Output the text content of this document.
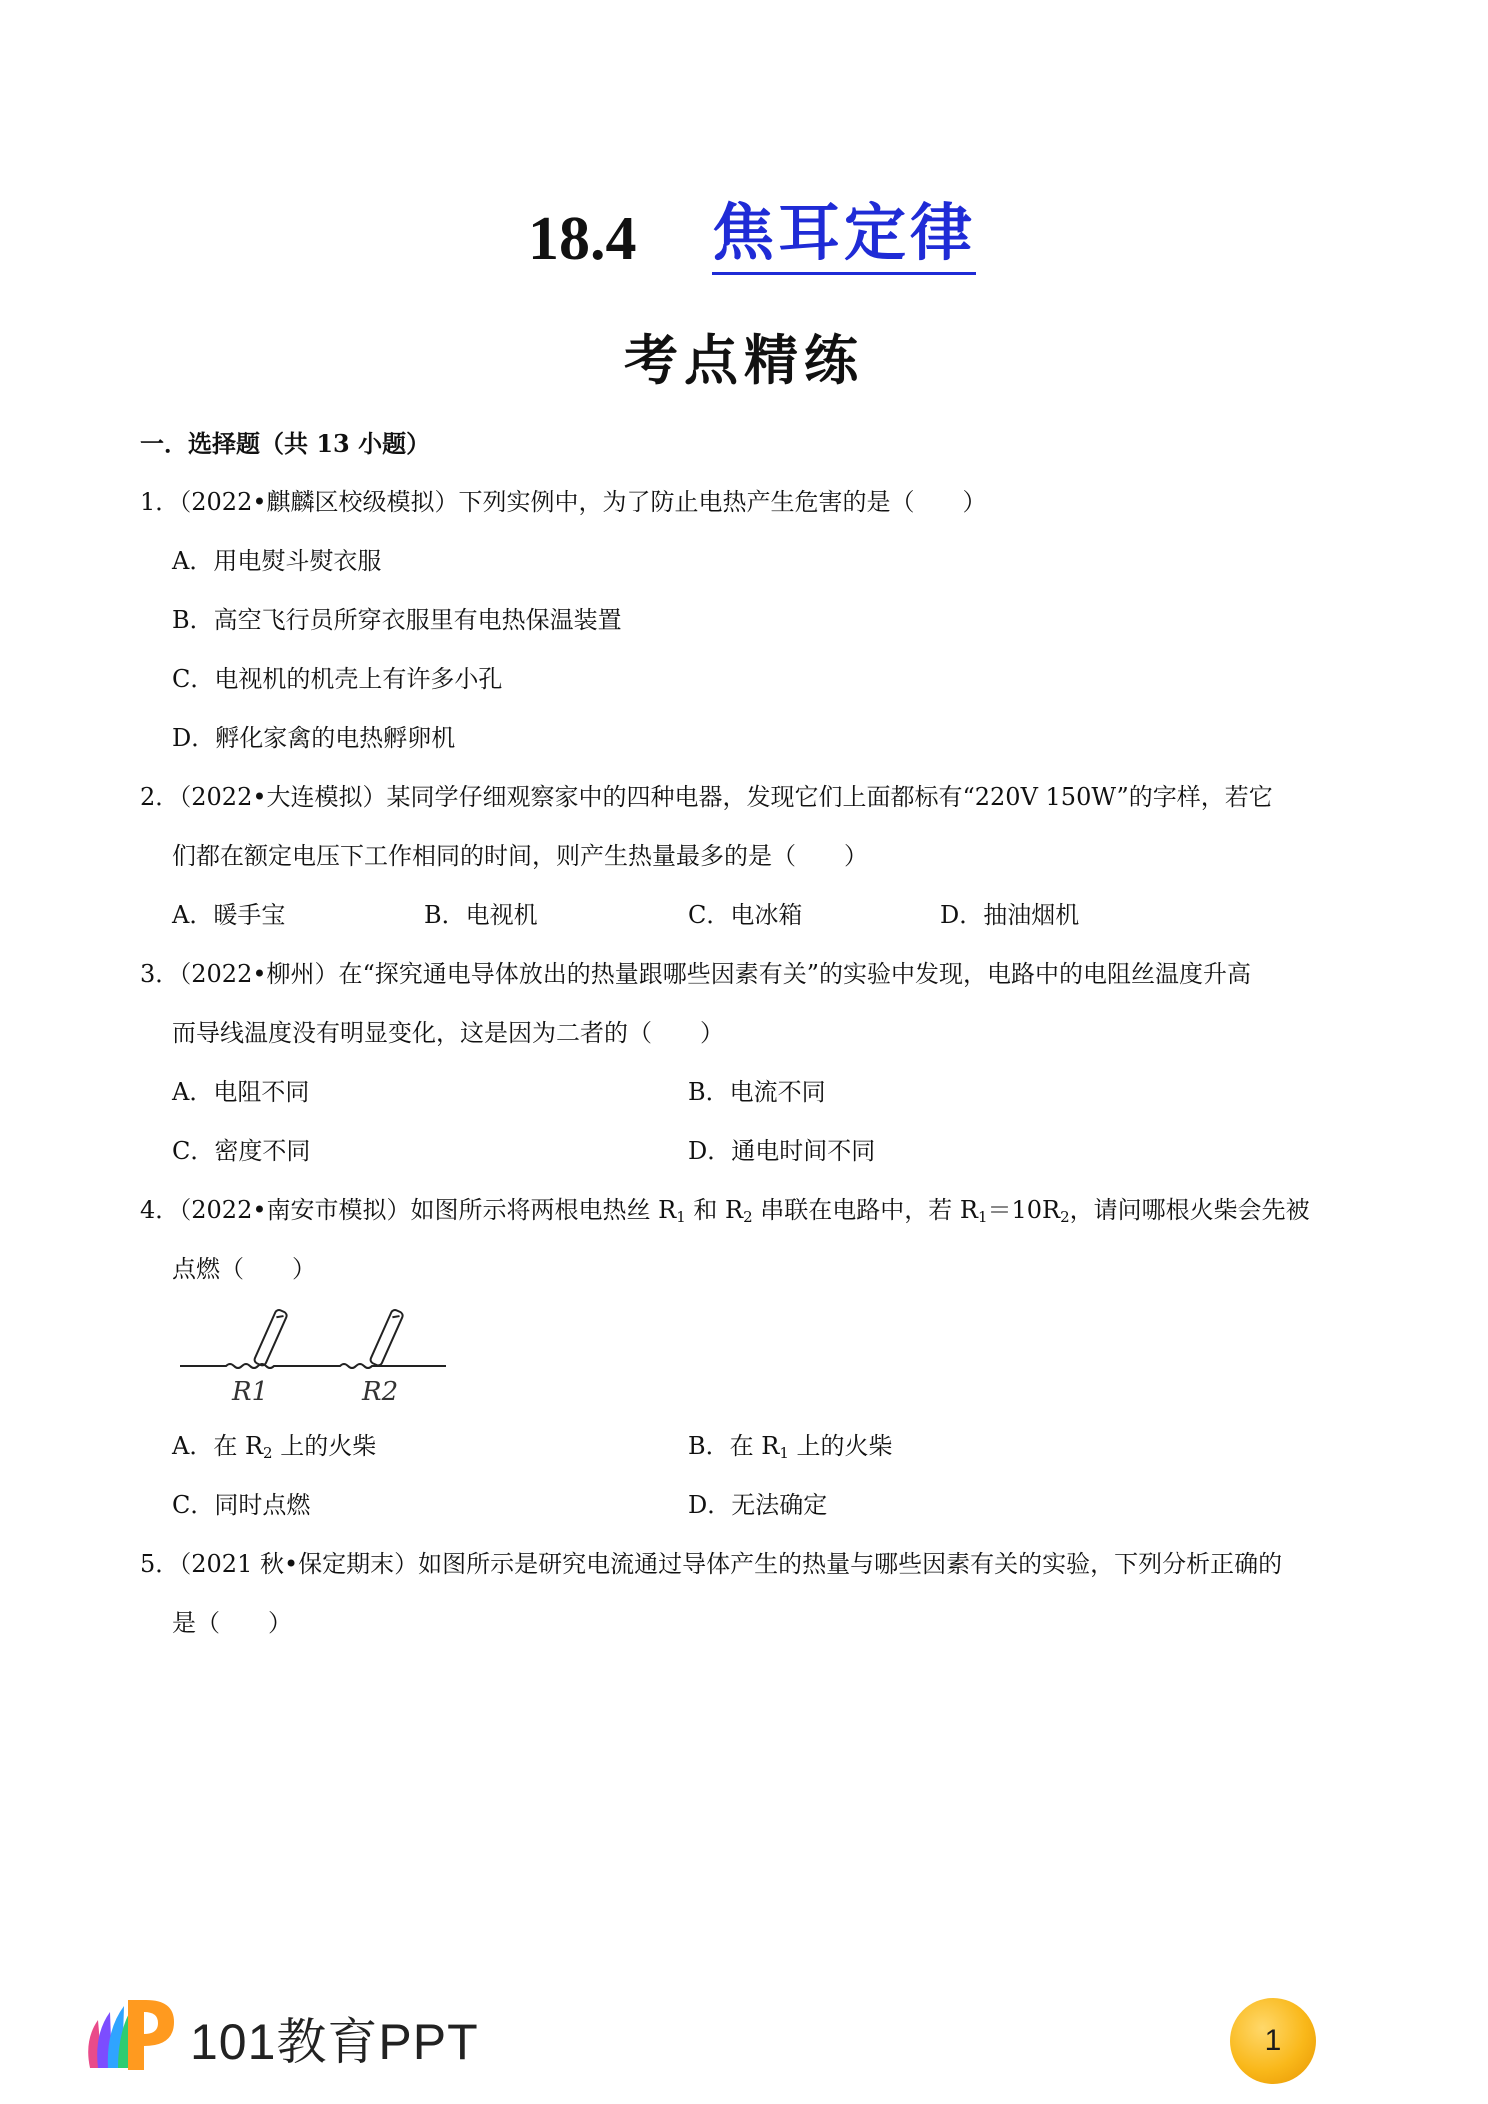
18.4 焦耳定律
考点精练
一．选择题（共 13 小题）
1．（2022•麒麟区校级模拟）下列实例中，为了防止电热产生危害的是（　　）
A．用电熨斗熨衣服
B．高空飞行员所穿衣服里有电热保温装置
C．电视机的机壳上有许多小孔
D．孵化家禽的电热孵卵机
2．（2022•大连模拟）某同学仔细观察家中的四种电器，发现它们上面都标有“220V 150W”的字样，若它
们都在额定电压下工作相同的时间，则产生热量最多的是（　　）
A．暖手宝	B．电视机	C．电冰箱	D．抽油烟机
3．（2022•柳州）在“探究通电导体放出的热量跟哪些因素有关”的实验中发现，电路中的电阻丝温度升高
而导线温度没有明显变化，这是因为二者的（　　）
A．电阻不同	B．电流不同
C．密度不同	D．通电时间不同
4．（2022•南安市模拟）如图所示将两根电热丝 $R_1$ 和 $R_2$ 串联在电路中，若 $R_1=10R_2$，请问哪根火柴会先被
点燃（　　）
R1	R2
A．在 $R_2$ 上的火柴	B．在 $R_1$ 上的火柴
C．同时点燃	D．无法确定
5．（2021 秋•保定期末）如图所示是研究电流通过导体产生的热量与哪些因素有关的实验，下列分析正确的
是（　　）
101教育PPT	1
